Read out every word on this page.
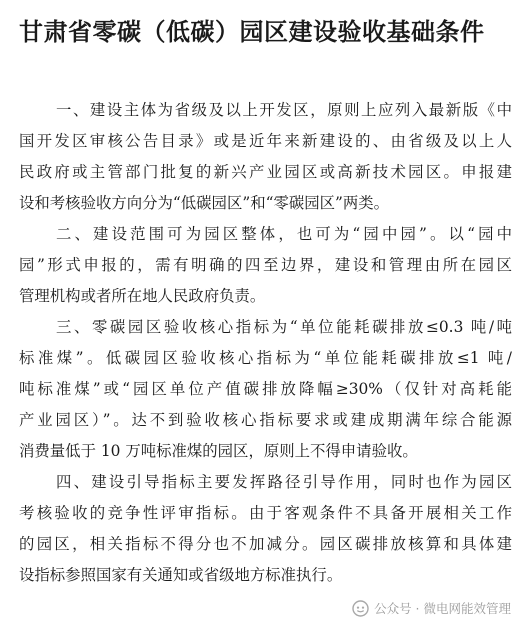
甘肃省零碳（低碳）园区建设验收基础条件
一、建设主体为省级及以上开发区，原则上应列入最新版《中
国开发区审核公告目录》或是近年来新建设的、由省级及以上人
民政府或主管部门批复的新兴产业园区或高新技术园区。申报建
设和考核验收方向分为“低碳园区”和“零碳园区”两类。
二、建设范围可为园区整体，也可为“园中园”。以“园中
园”形式申报的，需有明确的四至边界，建设和管理由所在园区
管理机构或者所在地人民政府负责。
三、零碳园区验收核心指标为“单位能耗碳排放≤0.3 吨/吨
标准煤”。低碳园区验收核心指标为“单位能耗碳排放≤1 吨/
吨标准煤”或“园区单位产值碳排放降幅≥30%（仅针对高耗能
产业园区）”。达不到验收核心指标要求或建成期满年综合能源
消费量低于 10 万吨标准煤的园区，原则上不得申请验收。
四、建设引导指标主要发挥路径引导作用，同时也作为园区
考核验收的竞争性评审指标。由于客观条件不具备开展相关工作
的园区，相关指标不得分也不加减分。园区碳排放核算和具体建
设指标参照国家有关通知或省级地方标准执行。
公众号 · 微电网能效管理
